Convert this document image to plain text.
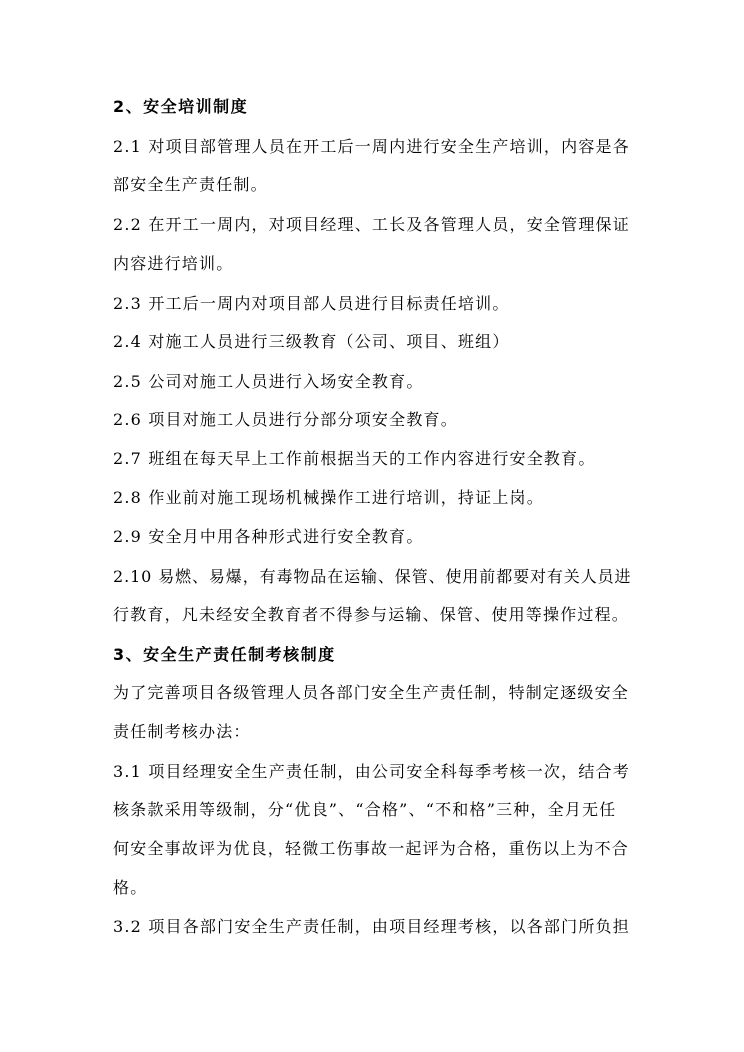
2、安全培训制度
2.1 对项目部管理人员在开工后一周内进行安全生产培训，内容是各
部安全生产责任制。
2.2 在开工一周内，对项目经理、工长及各管理人员，安全管理保证
内容进行培训。
2.3 开工后一周内对项目部人员进行目标责任培训。
2.4 对施工人员进行三级教育（公司、项目、班组）
2.5 公司对施工人员进行入场安全教育。
2.6 项目对施工人员进行分部分项安全教育。
2.7 班组在每天早上工作前根据当天的工作内容进行安全教育。
2.8 作业前对施工现场机械操作工进行培训，持证上岗。
2.9 安全月中用各种形式进行安全教育。
2.10 易燃、易爆，有毒物品在运输、保管、使用前都要对有关人员进
行教育，凡未经安全教育者不得参与运输、保管、使用等操作过程。
3、安全生产责任制考核制度
为了完善项目各级管理人员各部门安全生产责任制，特制定逐级安全
责任制考核办法：
3.1 项目经理安全生产责任制，由公司安全科每季考核一次，结合考
核条款采用等级制，分“优良”、“合格”、“不和格”三种，全月无任
何安全事故评为优良，轻微工伤事故一起评为合格，重伤以上为不合
格。
3.2 项目各部门安全生产责任制，由项目经理考核，以各部门所负担
